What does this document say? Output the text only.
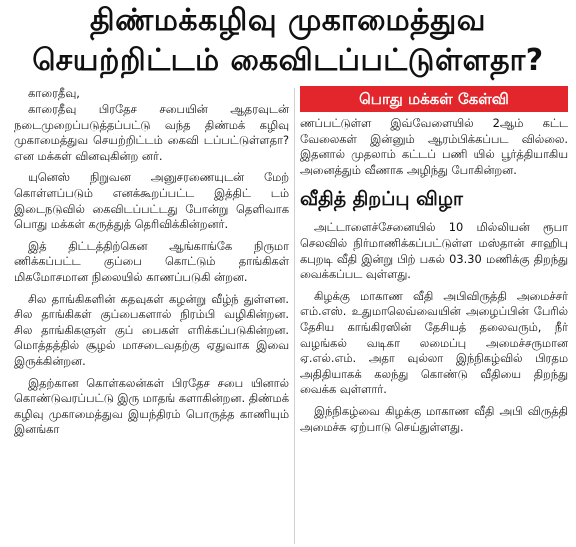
திண்மக்கழிவு முகாமைத்துவ
செயற்றிட்டம் கைவிடப்பட்டுள்ளதா?

காரைதீவு,

காரைதீவு பிரதேச சபையின் ஆதரவுடன் நடைமுறைப்படுத்தப்பட்டு வந்த திண்மக் கழிவு முகாமைத்துவ செயற்றிட்டம் கைவி டப்பட்டுள்ளதா? என மக்கள் வினவுகின்ற னர்.

யுனெஸ் நிறுவன அனுசரணையுடன் மேற் கொள்ளப்படும் எனக்கூறப்பட்ட இத்திட் டம் இடைநடுவில் கைவிடப்பட்டது போன்று தெளிவாக பொது மக்கள் கருத்துத் தெரிவிக்கின்றனர்.

இத் திட்டத்திற்கென ஆங்காங்கே நிருமா ணிக்கப்பட்ட குப்பை கொட்டும் தாங்கிகள் மிகமோசமான நிலையில் காணப்படுகி ன்றன.

சில தாங்கிகளின் கதவுகள் கழன்று வீழ்ந் துள்ளன. சில தாங்கிகள் குப்பைகளால் நிரம்பி வழிகின்றன. சில தாங்கிகளுள் குப் பைகள் எரிக்கப்படுகின்றன. மொத்தத்தில் சூழல் மாசடைவதற்கு ஏதுவாக இவை இருக்கின்றன.

இதற்கான கொள்கலன்கள் பிரதேச சபை யினால் கொண்டுவரப்பட்டு இரு மாதங் களாகின்றன. திண்மக் கழிவு முகாமைத்துவ இயந்திரம் பொருத்த காணியும் இனங்கா

பொது மக்கள் கேள்வி

ணப்பட்டுள்ள இவ்வேளையில் 2ஆம் கட்ட வேலைகள் இன்னும் ஆரம்பிக்கப்பட வில்லை. இதனால் முதலாம் கட்டப் பணி யில் பூர்த்தியாகிய அனைத்தும் வீணாக அழிந்து போகின்றன.

வீதித் திறப்பு விழா

அட்டாளைச்சேனையில் 10 மில்லியன் ரூபா செலவில் நிர்மாணிக்கப்பட்டுள்ள மஸ்தான் சாஹிபு கபுறடி வீதி இன்று பிற் பகல் 03.30 மணிக்கு திறந்து வைக்கப்பட வுள்ளது.

கிழக்கு மாகாண வீதி அபிவிருத்தி அமைச்சர் எம்.எஸ். உதுமாலெவ்வையின் அழைப்பின் பேரில் தேசிய காங்கிரஸின் தேசியத் தலைவரும், நீர் வழங்கல் வடிகா லமைப்பு அமைச்சருமான ஏ.எல்.எம். அதா வுல்லா இந்நிகழ்வில் பிரதம அதிதியாகக் கலந்து கொண்டு வீதியை திறந்து வைக்க வுள்ளார்.

இந்நிகழ்வை கிழக்கு மாகாண வீதி அபி விருத்தி அமைச்சு ஏற்பாடு செய்துள்ளது.
